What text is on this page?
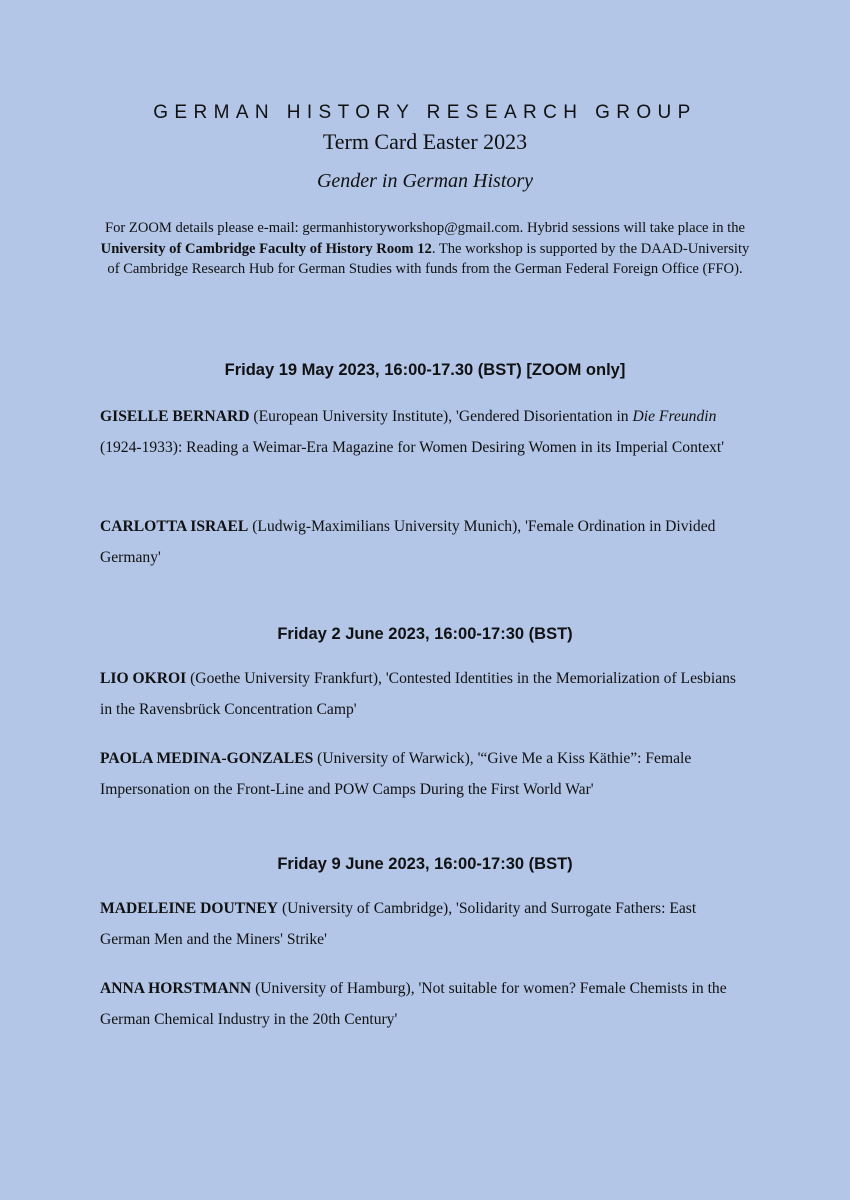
GERMAN HISTORY RESEARCH GROUP

Term Card Easter 2023

Gender in German History

For ZOOM details please e-mail: germanhistoryworkshop@gmail.com. Hybrid sessions will take place in the University of Cambridge Faculty of History Room 12. The workshop is supported by the DAAD-University of Cambridge Research Hub for German Studies with funds from the German Federal Foreign Office (FFO).

Friday 19 May 2023, 16:00-17.30 (BST) [ZOOM only]

GISELLE BERNARD (European University Institute), 'Gendered Disorientation in Die Freundin (1924-1933): Reading a Weimar-Era Magazine for Women Desiring Women in its Imperial Context'

CARLOTTA ISRAEL (Ludwig-Maximilians University Munich), 'Female Ordination in Divided Germany'

Friday 2 June 2023, 16:00-17:30 (BST)

LIO OKROI (Goethe University Frankfurt), 'Contested Identities in the Memorialization of Lesbians in the Ravensbrück Concentration Camp'

PAOLA MEDINA-GONZALES (University of Warwick), '“Give Me a Kiss Käthie”: Female Impersonation on the Front-Line and POW Camps During the First World War'

Friday 9 June 2023, 16:00-17:30 (BST)

MADELEINE DOUTNEY (University of Cambridge), 'Solidarity and Surrogate Fathers: East German Men and the Miners' Strike'

ANNA HORSTMANN (University of Hamburg), 'Not suitable for women? Female Chemists in the German Chemical Industry in the 20th Century'
